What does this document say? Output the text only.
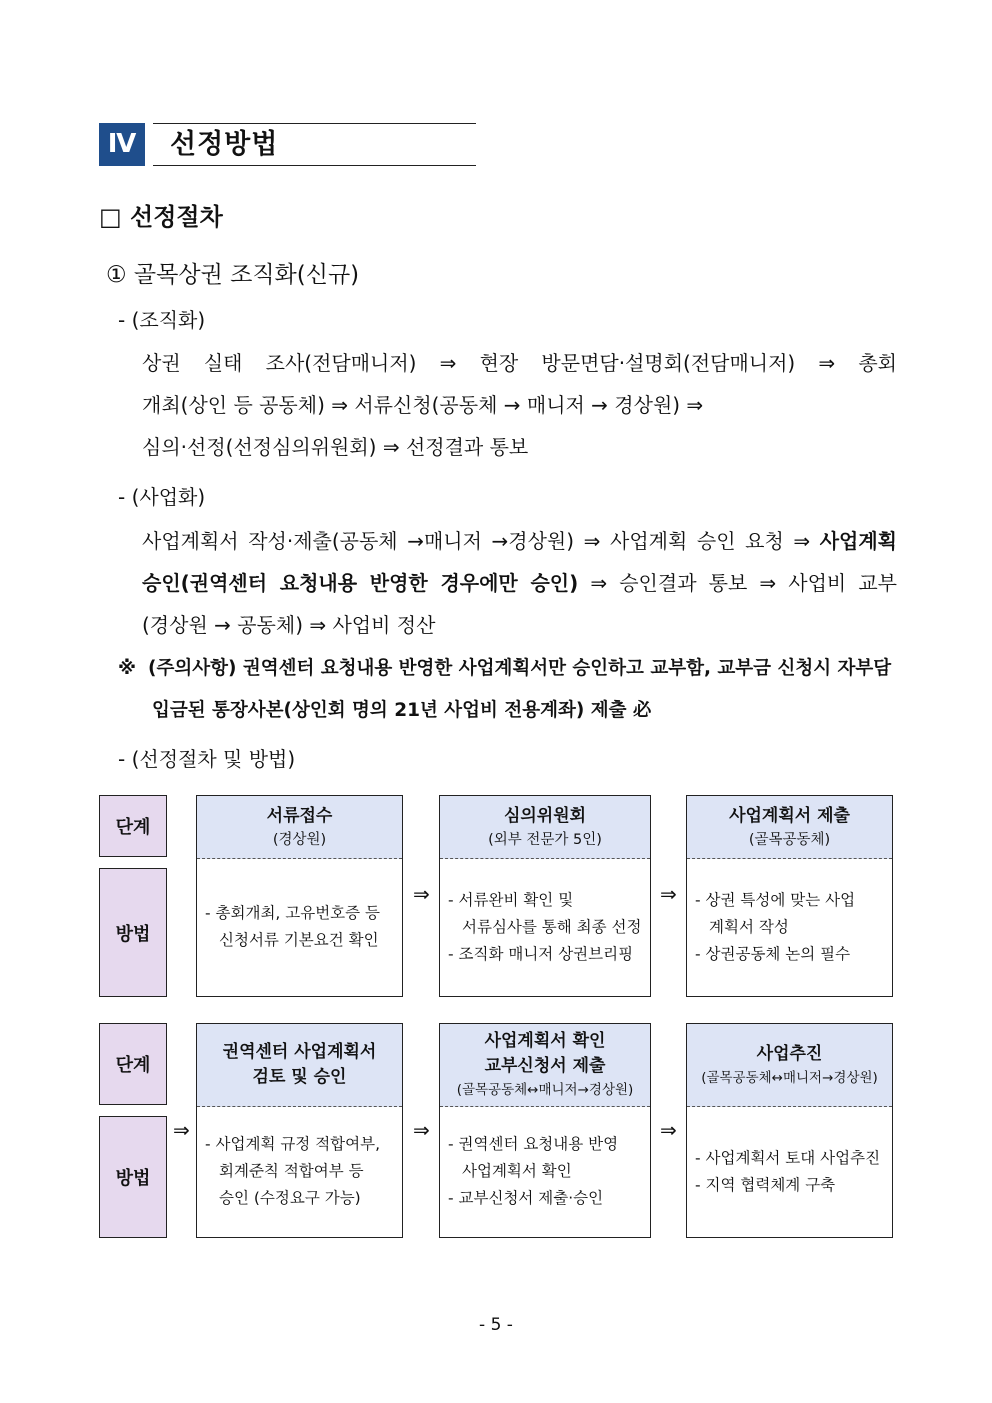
Ⅳ	선정방법
□ 선정절차
① 골목상권 조직화(신규)
- (조직화)
상권 실태 조사(전담매니저) ⇒ 현장 방문면담·설명회(전담매니저) ⇒ 총회
개최(상인 등 공동체) ⇒ 서류신청(공동체 → 매니저 → 경상원) ⇒
심의·선정(선정심의위원회) ⇒ 선정결과 통보
- (사업화)
사업계획서 작성·제출(공동체 →매니저 →경상원) ⇒ 사업계획 승인 요청 ⇒ 사업계획
승인(권역센터 요청내용 반영한 경우에만 승인) ⇒ 승인결과 통보 ⇒ 사업비 교부
(경상원 → 공동체) ⇒ 사업비 정산
※ (주의사항) 권역센터 요청내용 반영한 사업계획서만 승인하고 교부함, 교부금 신청시 자부담
입금된 통장사본(상인회 명의 21년 사업비 전용계좌) 제출 必
- (선정절차 및 방법)
단계
방법
서류접수
(경상원)
- 총회개최, 고유번호증 등
신청서류 기본요건 확인
⇒
심의위원회
(외부 전문가 5인)
- 서류완비 확인 및
서류심사를 통해 최종 선정
- 조직화 매니저 상권브리핑
⇒
사업계획서 제출
(골목공동체)
- 상권 특성에 맞는 사업
계획서 작성
- 상권공동체 논의 필수
단계
방법
⇒
권역센터 사업계획서
검토 및 승인
- 사업계획 규정 적합여부,
회계준칙 적합여부 등
승인 (수정요구 가능)
⇒
사업계획서 확인
교부신청서 제출
(골목공동체↔매니저→경상원)
- 권역센터 요청내용 반영
사업계획서 확인
- 교부신청서 제출·승인
⇒
사업추진
(골목공동체↔매니저→경상원)
- 사업계획서 토대 사업추진
- 지역 협력체계 구축
- 5 -
